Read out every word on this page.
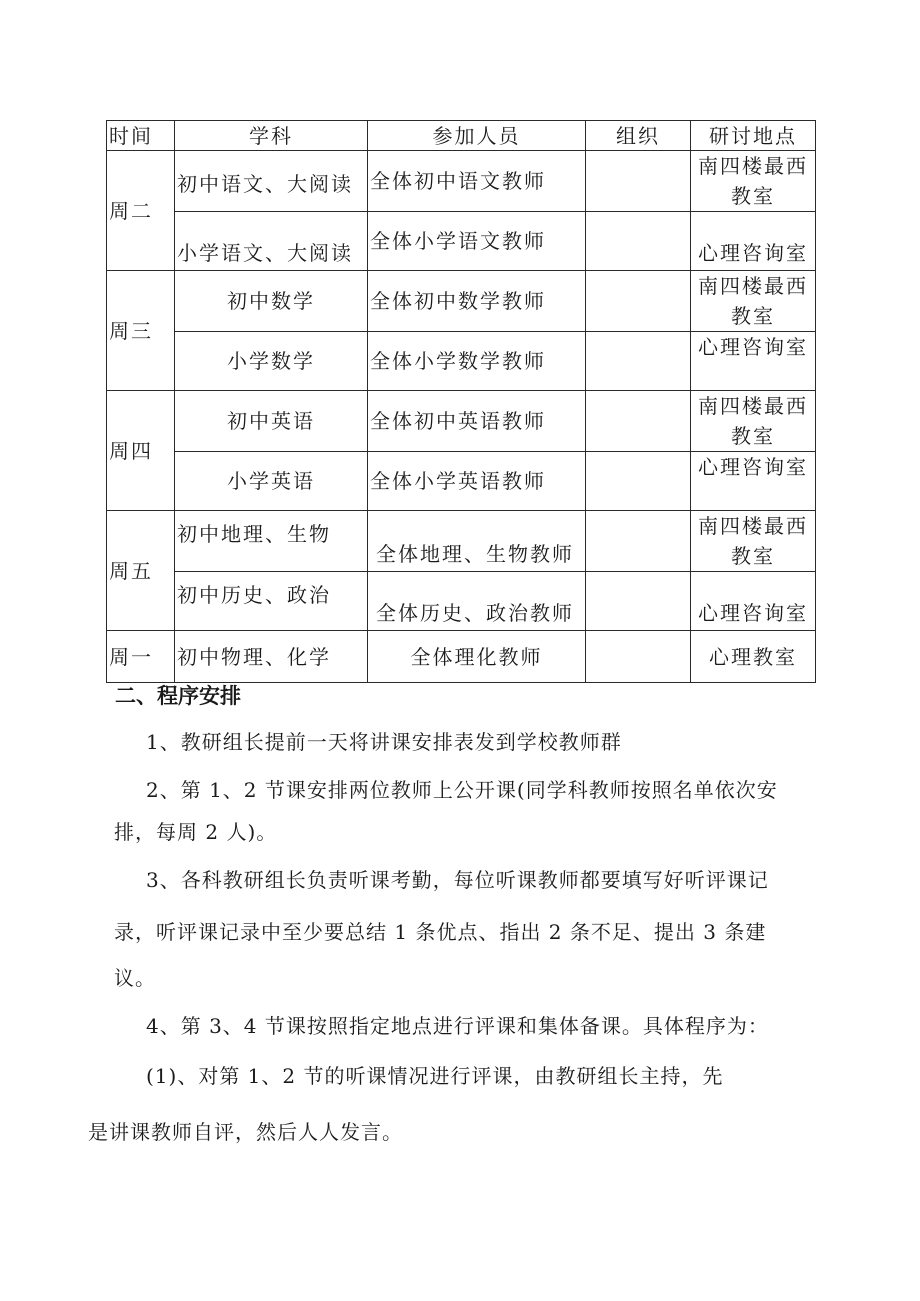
时间	学科	参加人员	组织	研讨地点
周二	初中语文、大阅读	全体初中语文教师		南四楼最西教室
	小学语文、大阅读	全体小学语文教师		心理咨询室
周三	初中数学	全体初中数学教师		南四楼最西教室
	小学数学	全体小学数学教师		心理咨询室
周四	初中英语	全体初中英语教师		南四楼最西教室
	小学英语	全体小学英语教师		心理咨询室
周五	初中地理、生物	全体地理、生物教师		南四楼最西教室
	初中历史、政治	全体历史、政治教师		心理咨询室
周一	初中物理、化学	全体理化教师		心理教室

二、程序安排

1、教研组长提前一天将讲课安排表发到学校教师群

2、第 1、2 节课安排两位教师上公开课(同学科教师按照名单依次安

排，每周 2 人)。

3、各科教研组长负责听课考勤，每位听课教师都要填写好听评课记

录，听评课记录中至少要总结 1 条优点、指出 2 条不足、提出 3 条建

议。

4、第 3、4 节课按照指定地点进行评课和集体备课。具体程序为：

(1)、对第 1、2 节的听课情况进行评课，由教研组长主持，先

是讲课教师自评，然后人人发言。
